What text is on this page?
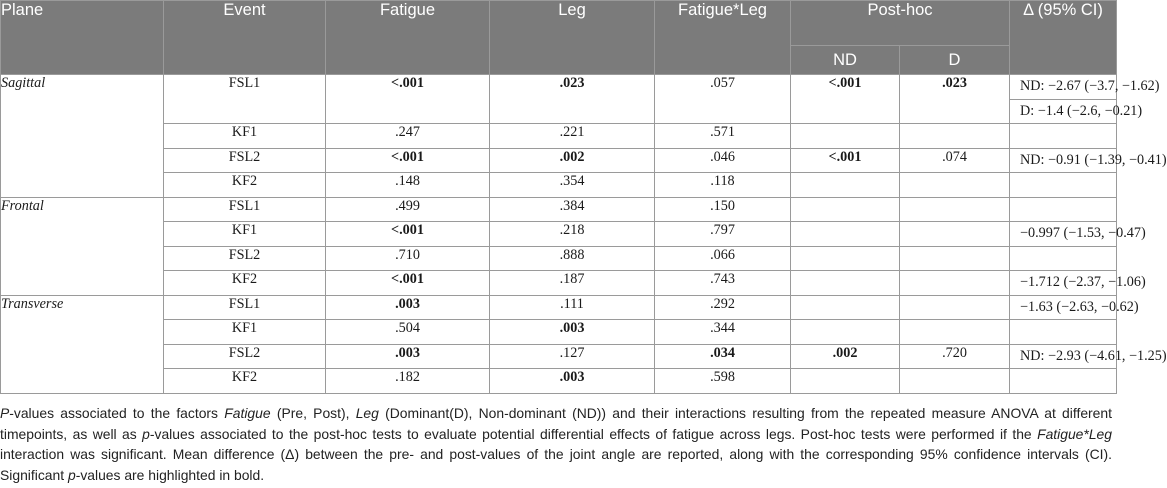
Plane	Event	Fatigue	Leg	Fatigue*Leg	Post-hoc		Δ (95% CI)
					ND	D	
Sagittal	FSL1	<.001	.023	.057	<.001	.023	ND: −2.67 (−3.7, −1.62)
D: −1.4 (−2.6, −0.21)

	KF1	.247	.221	.571			
	FSL2	<.001	.002	.046	<.001	.074	ND: −0.91 (−1.39, −0.41)

	KF2	.148	.354	.118			
Frontal	FSL1	.499	.384	.150			
	KF1	<.001	.218	.797			−0.997 (−1.53, −0.47)

	FSL2	.710	.888	.066			
	KF2	<.001	.187	.743			−1.712 (−2.37, −1.06)

Transverse	FSL1	.003	.111	.292			−1.63 (−2.63, −0.62)

	KF1	.504	.003	.344			
	FSL2	.003	.127	.034	.002	.720	ND: −2.93 (−4.61, −1.25)

	KF2	.182	.003	.598			
P-values associated to the factors Fatigue (Pre, Post), Leg (Dominant(D), Non-dominant (ND)) and their interactions resulting from the repeated measure ANOVA at different timepoints, as well as p-values associated to the post-hoc tests to evaluate potential differential effects of fatigue across legs. Post-hoc tests were performed if the Fatigue*Leg interaction was significant. Mean difference (Δ) between the pre- and post-values of the joint angle are reported, along with the corresponding 95% confidence intervals (CI). Significant p-values are highlighted in bold.
